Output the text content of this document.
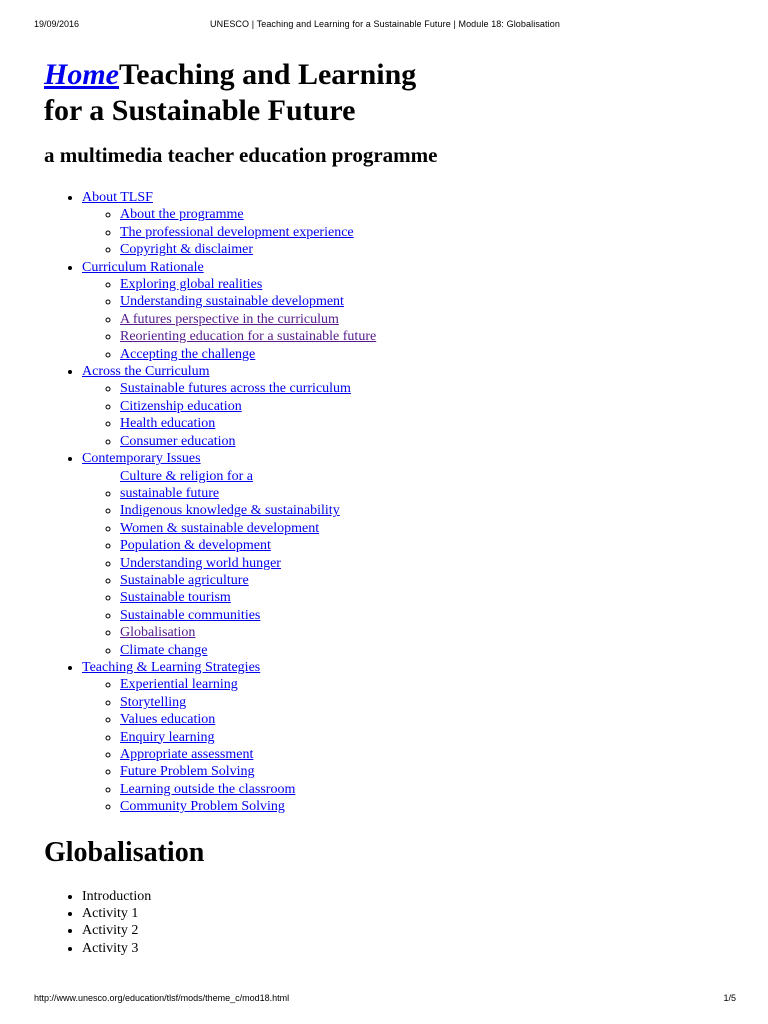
19/09/2016	UNESCO | Teaching and Learning for a Sustainable Future | Module 18: Globalisation
HomeTeaching and Learning
for a Sustainable Future
a multimedia teacher education programme
• About TLSF
◦ About the programme
◦ The professional development experience
◦ Copyright & disclaimer
• Curriculum Rationale
◦ Exploring global realities
◦ Understanding sustainable development
◦ A futures perspective in the curriculum
◦ Reorienting education for a sustainable future
◦ Accepting the challenge
• Across the Curriculum
◦ Sustainable futures across the curriculum
◦ Citizenship education
◦ Health education
◦ Consumer education
• Contemporary Issues
◦ Culture & religion for a sustainable future
◦ Indigenous knowledge & sustainability
◦ Women & sustainable development
◦ Population & development
◦ Understanding world hunger
◦ Sustainable agriculture
◦ Sustainable tourism
◦ Sustainable communities
◦ Globalisation
◦ Climate change
• Teaching & Learning Strategies
◦ Experiential learning
◦ Storytelling
◦ Values education
◦ Enquiry learning
◦ Appropriate assessment
◦ Future Problem Solving
◦ Learning outside the classroom
◦ Community Problem Solving
Globalisation
• Introduction
• Activity 1
• Activity 2
• Activity 3
http://www.unesco.org/education/tlsf/mods/theme_c/mod18.html	1/5
